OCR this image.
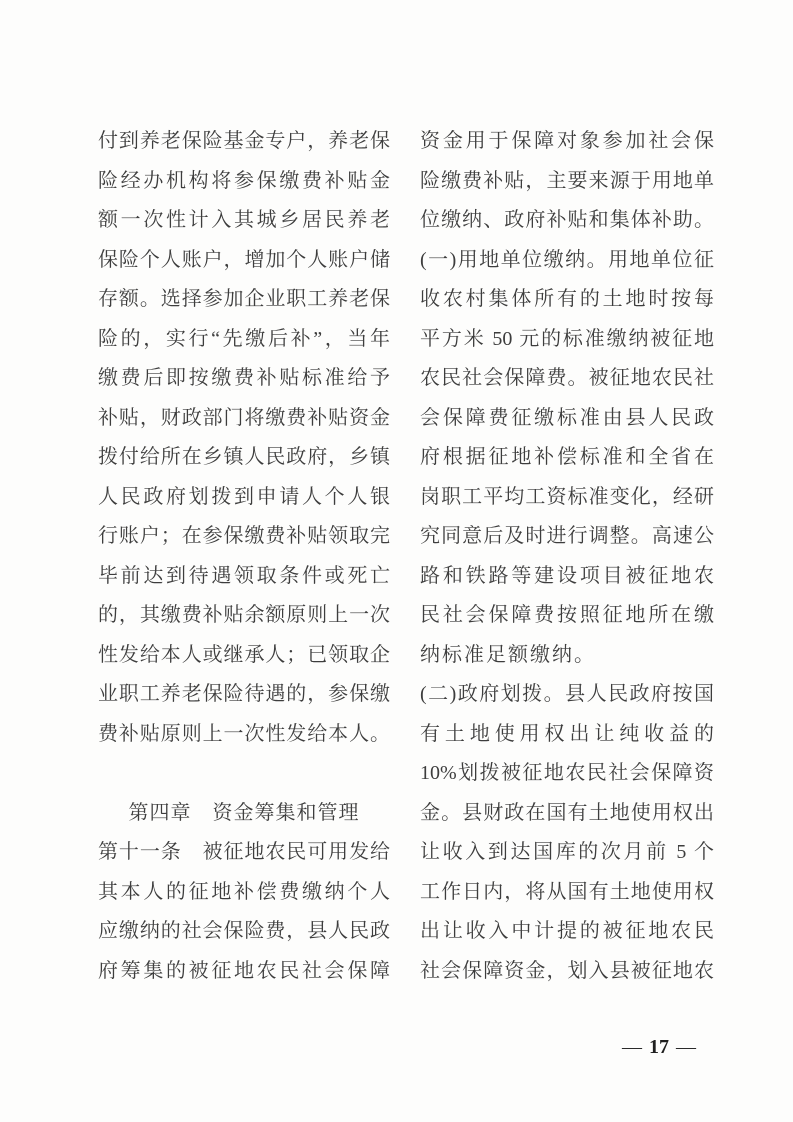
付到养老保险基金专户，养老保
险经办机构将参保缴费补贴金
额一次性计入其城乡居民养老
保险个人账户，增加个人账户储
存额。选择参加企业职工养老保
险的，实行“先缴后补”，当年
缴费后即按缴费补贴标准给予
补贴，财政部门将缴费补贴资金
拨付给所在乡镇人民政府，乡镇
人民政府划拨到申请人个人银
行账户；在参保缴费补贴领取完
毕前达到待遇领取条件或死亡
的，其缴费补贴余额原则上一次
性发给本人或继承人；已领取企
业职工养老保险待遇的，参保缴
费补贴原则上一次性发给本人。
第四章　资金筹集和管理
第十一条　被征地农民可用发给
其本人的征地补偿费缴纳个人
应缴纳的社会保险费，县人民政
府筹集的被征地农民社会保障
资金用于保障对象参加社会保
险缴费补贴，主要来源于用地单
位缴纳、政府补贴和集体补助。
(一)用地单位缴纳。用地单位征
收农村集体所有的土地时按每
平方米 50 元的标准缴纳被征地
农民社会保障费。被征地农民社
会保障费征缴标准由县人民政
府根据征地补偿标准和全省在
岗职工平均工资标准变化，经研
究同意后及时进行调整。高速公
路和铁路等建设项目被征地农
民社会保障费按照征地所在缴
纳标准足额缴纳。
(二)政府划拨。县人民政府按国
有土地使用权出让纯收益的
10%划拨被征地农民社会保障资
金。县财政在国有土地使用权出
让收入到达国库的次月前 5 个
工作日内，将从国有土地使用权
出让收入中计提的被征地农民
社会保障资金，划入县被征地农
— 17 —
